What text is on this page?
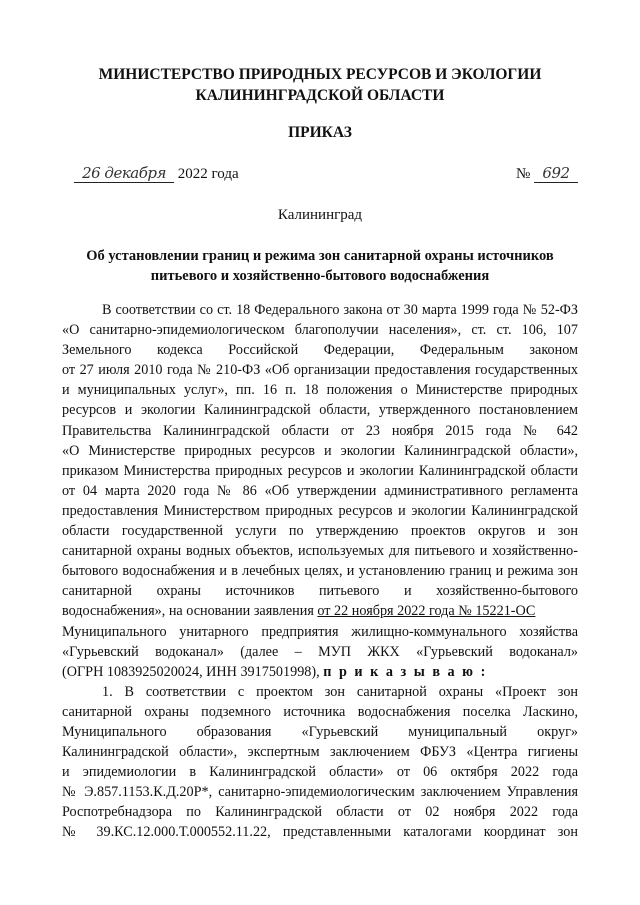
МИНИСТЕРСТВО ПРИРОДНЫХ РЕСУРСОВ И ЭКОЛОГИИ
КАЛИНИНГРАДСКОЙ ОБЛАСТИ
ПРИКАЗ
26 декабря 2022 года	№ 692
Калининград
Об установлении границ и режима зон санитарной охраны источников
питьевого и хозяйственно-бытового водоснабжения
В соответствии со ст. 18 Федерального закона от 30 марта 1999 года № 52-ФЗ
«О санитарно-эпидемиологическом благополучии населения», ст. ст. 106, 107
Земельного кодекса Российской Федерации, Федеральным законом
от 27 июля 2010 года № 210-ФЗ «Об организации предоставления государственных
и муниципальных услуг», пп. 16 п. 18 положения о Министерстве природных
ресурсов и экологии Калининградской области, утвержденного постановлением
Правительства Калининградской области от 23 ноября 2015 года № 642
«О Министерстве природных ресурсов и экологии Калининградской области»,
приказом Министерства природных ресурсов и экологии Калининградской области
от 04 марта 2020 года № 86 «Об утверждении административного регламента
предоставления Министерством природных ресурсов и экологии Калининградской
области государственной услуги по утверждению проектов округов и зон
санитарной охраны водных объектов, используемых для питьевого и хозяйственно-
бытового водоснабжения и в лечебных целях, и установлению границ и режима зон
санитарной охраны источников питьевого и хозяйственно-бытового
водоснабжения», на основании заявления от 22 ноября 2022 года № 15221-ОС
Муниципального унитарного предприятия жилищно-коммунального хозяйства
«Гурьевский водоканал» (далее – МУП ЖКХ «Гурьевский водоканал»
(ОГРН 1083925020024, ИНН 3917501998), п р и к а з ы в а ю :
1. В соответствии с проектом зон санитарной охраны «Проект зон
санитарной охраны подземного источника водоснабжения поселка Ласкино,
Муниципального образования «Гурьевский муниципальный округ»
Калининградской области», экспертным заключением ФБУЗ «Центра гигиены
и эпидемиологии в Калининградской области» от 06 октября 2022 года
№ Э.857.1153.К.Д.20Р*, санитарно-эпидемиологическим заключением Управления
Роспотребнадзора по Калининградской области от 02 ноября 2022 года
№ 39.КС.12.000.Т.000552.11.22, представленными каталогами координат зон
